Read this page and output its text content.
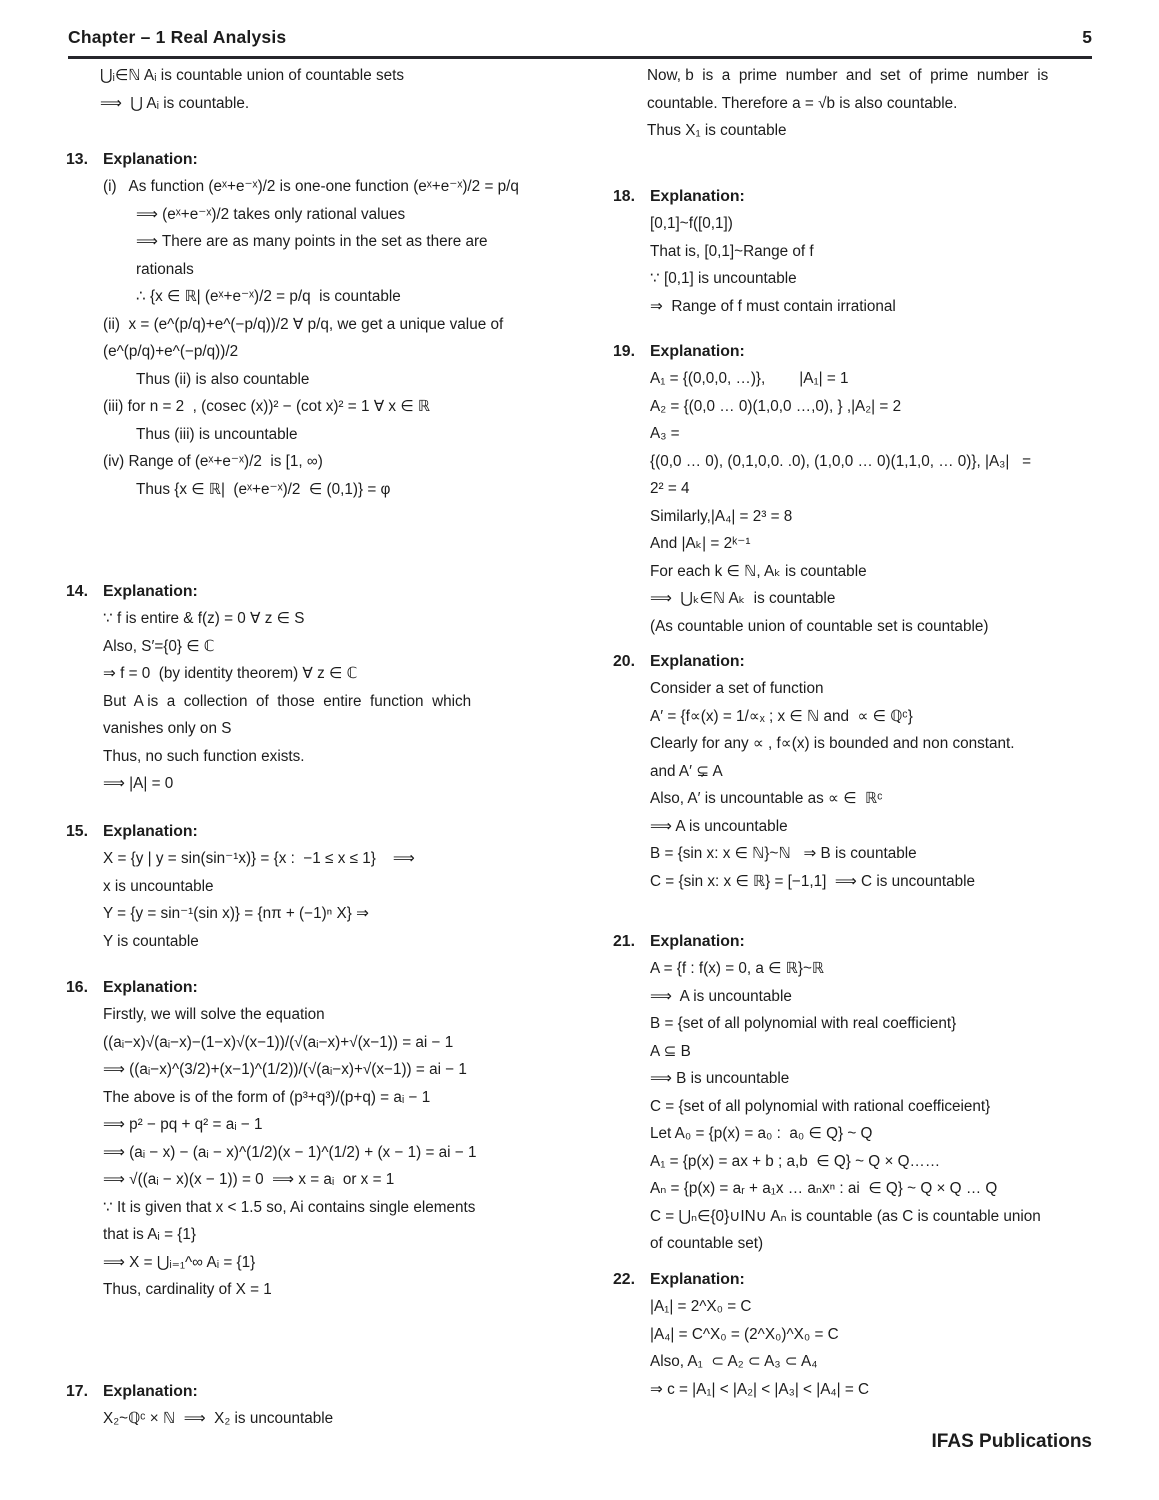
Chapter – 1 Real Analysis	5
⋃ᵢ∈ℕ Aᵢ is countable union of countable sets
⟹  ⋃ Aᵢ is countable.
13. Explanation:
(i)   As function (eˣ+e⁻ˣ)/2 is one-one function (eˣ+e⁻ˣ)/2 = p/q
⟹ (eˣ+e⁻ˣ)/2 takes only rational values
⟹ There are as many points in the set as there are
rationals
∴ {x ∈ ℝ| (eˣ+e⁻ˣ)/2 = p/q  is countable
(ii)  x = (e^(p/q)+e^(−p/q))/2 ∀ p/q, we get a unique value of (e^(p/q)+e^(−p/q))/2
Thus (ii) is also countable
(iii) for n = 2  , (cosec (x))² − (cot x)² = 1 ∀ x ∈ ℝ
Thus (iii) is uncountable
(iv) Range of (eˣ+e⁻ˣ)/2  is [1, ∞)
Thus {x ∈ ℝ|  (eˣ+e⁻ˣ)/2  ∈ (0,1)} = φ
14. Explanation:
∵ f is entire & f(z) = 0 ∀ z ∈ S
Also, S′={0} ∈ ℂ
⇒ f = 0  (by identity theorem) ∀ z ∈ ℂ
But  A is  a  collection  of  those  entire  function  which
vanishes only on S
Thus, no such function exists.
⟹ |A| = 0
15. Explanation:
X = {y | y = sin(sin⁻¹x)} = {x :  −1 ≤ x ≤ 1}    ⟹
x is uncountable
Y = {y = sin⁻¹(sin x)} = {nπ + (−1)ⁿ X} ⇒
Y is countable
16. Explanation:
Firstly, we will solve the equation
((aᵢ−x)√(aᵢ−x)−(1−x)√(x−1))/(√(aᵢ−x)+√(x−1)) = ai − 1
⟹ ((aᵢ−x)^(3/2)+(x−1)^(1/2))/(√(aᵢ−x)+√(x−1)) = ai − 1
The above is of the form of (p³+q³)/(p+q) = aᵢ − 1
⟹ p² − pq + q² = aᵢ − 1
⟹ (aᵢ − x) − (aᵢ − x)^(1/2)(x − 1)^(1/2) + (x − 1) = ai − 1
⟹ √((aᵢ − x)(x − 1)) = 0  ⟹ x = aᵢ  or x = 1
∵ It is given that x < 1.5 so, Ai contains single elements
that is Aᵢ = {1}
⟹ X = ⋃ᵢ₌₁^∞ Aᵢ = {1}
Thus, cardinality of X = 1
17. Explanation:
X₂~ℚᶜ × ℕ  ⟹  X₂ is uncountable
Now, b  is  a  prime  number  and  set  of  prime  number  is
countable. Therefore a = √b is also countable.
Thus X₁ is countable
18. Explanation:
[0,1]~f([0,1])
That is, [0,1]~Range of f
∵ [0,1] is uncountable
⇒  Range of f must contain irrational
19. Explanation:
A₁ = {(0,0,0, …)},        |A₁| = 1
A₂ = {(0,0 … 0)(1,0,0 …,0), } ,|A₂| = 2
A₃ =
{(0,0 … 0), (0,1,0,0. .0), (1,0,0 … 0)(1,1,0, … 0)}, |A₃|   =
2² = 4
Similarly,|A₄| = 2³ = 8
And |Aₖ| = 2ᵏ⁻¹
For each k ∈ ℕ, Aₖ is countable
⟹  ⋃ₖ∈ℕ Aₖ  is countable
(As countable union of countable set is countable)
20. Explanation:
Consider a set of function
A′ = {f∝(x) = 1/∝ₓ ; x ∈ ℕ and  ∝ ∈ ℚᶜ}
Clearly for any ∝ , f∝(x) is bounded and non constant.
and A′ ⊊ A
Also, A′ is uncountable as ∝ ∈  ℝᶜ
⟹ A is uncountable
B = {sin x: x ∈ ℕ}~ℕ   ⇒ B is countable
C = {sin x: x ∈ ℝ} = [−1,1]  ⟹ C is uncountable
21. Explanation:
A = {f : f(x) = 0, a ∈ ℝ}~ℝ
⟹  A is uncountable
B = {set of all polynomial with real coefficient}
A ⊆ B
⟹ B is uncountable
C = {set of all polynomial with rational coefficeient}
Let A₀ = {p(x) = a₀ :  a₀ ∈ Q} ~ Q
A₁ = {p(x) = ax + b ; a,b  ∈ Q} ~ Q × Q……
Aₙ = {p(x) = aᵣ + a₁x … aₙxⁿ : ai  ∈ Q} ~ Q × Q … Q
C = ⋃ₙ∈{0}∪IN∪ Aₙ is countable (as C is countable union
of countable set)
22. Explanation:
|A₁| = 2^X₀ = C
|A₄| = C^X₀ = (2^X₀)^X₀ = C
Also, A₁  ⊂ A₂ ⊂ A₃ ⊂ A₄
⇒ c = |A₁| < |A₂| < |A₃| < |A₄| = C
IFAS Publications
